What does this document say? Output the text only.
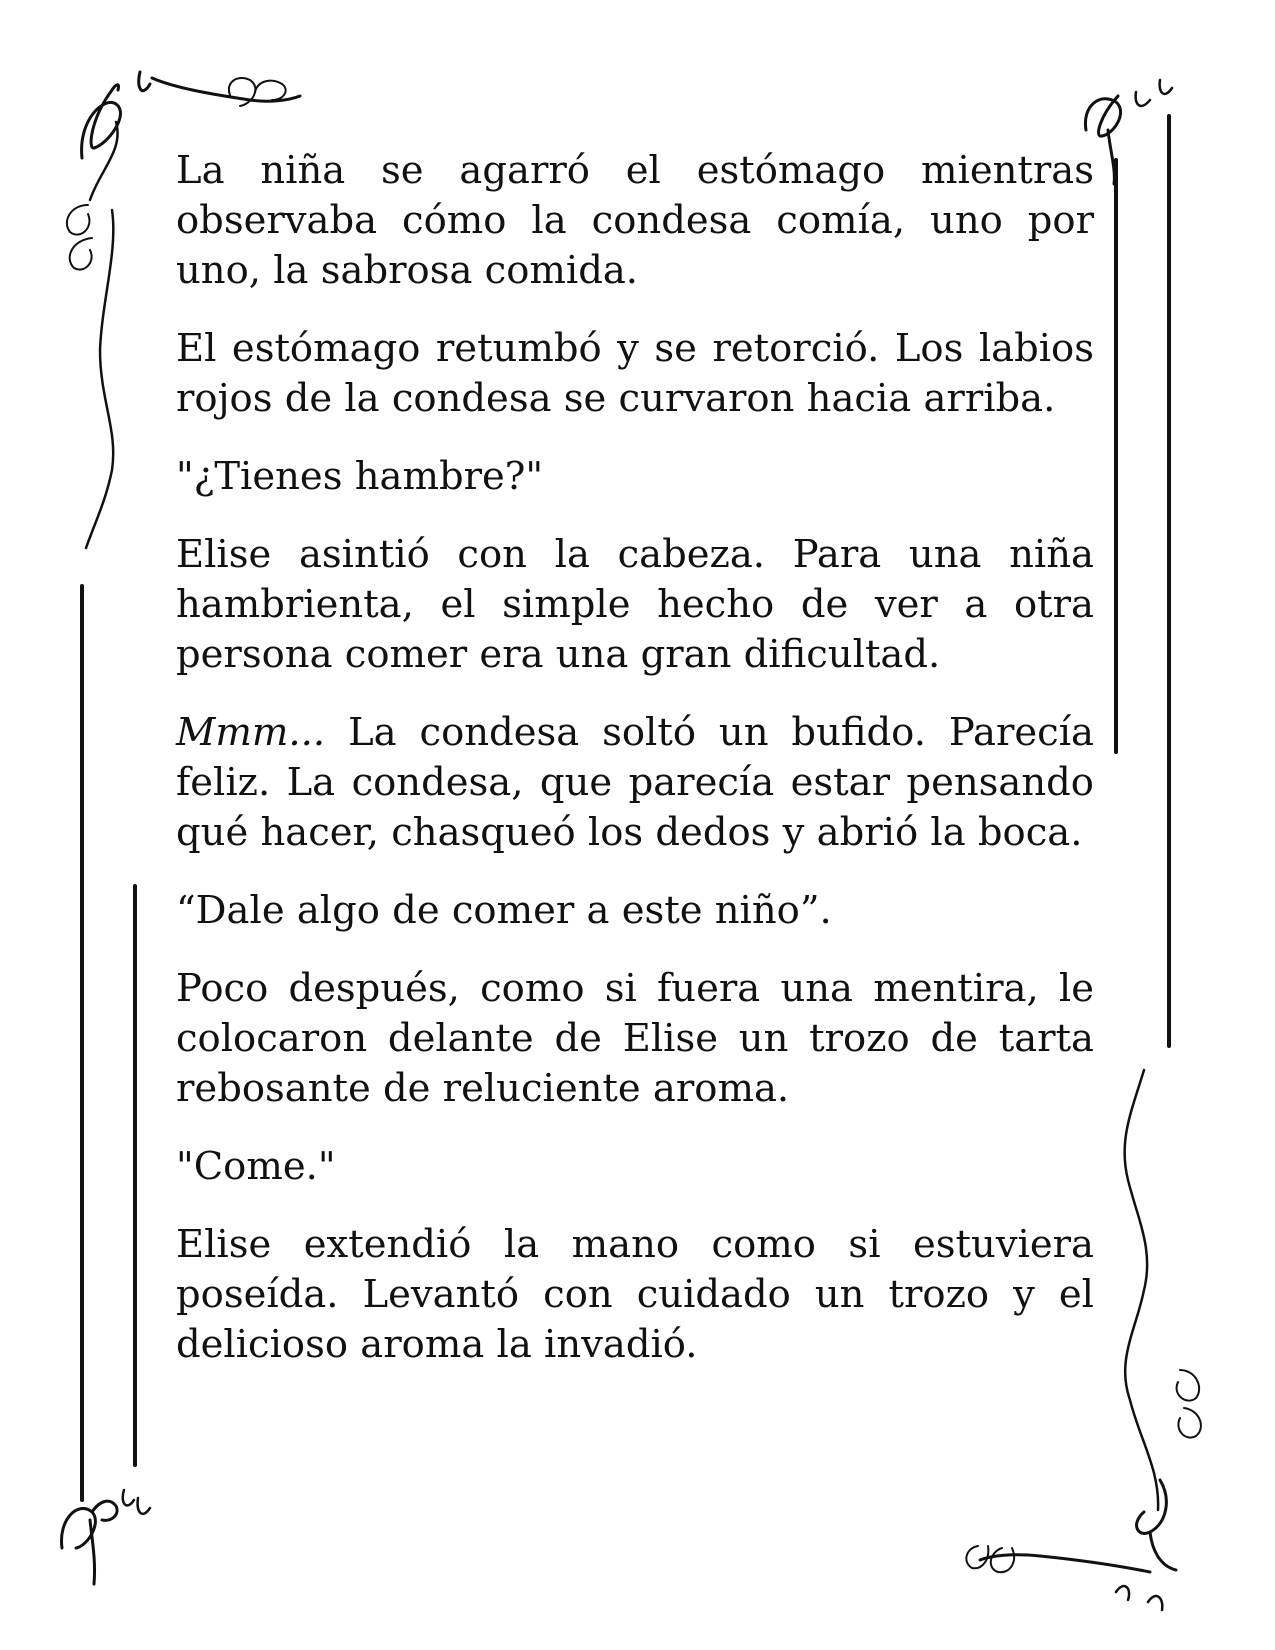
La niña se agarró el estómago mientras observaba cómo la condesa comía, uno por uno, la sabrosa comida.

El estómago retumbó y se retorció. Los labios rojos de la condesa se curvaron hacia arriba.

"¿Tienes hambre?"

Elise asintió con la cabeza. Para una niña hambrienta, el simple hecho de ver a otra persona comer era una gran dificultad.

Mmm... La condesa soltó un bufido. Parecía feliz. La condesa, que parecía estar pensando qué hacer, chasqueó los dedos y abrió la boca.

“Dale algo de comer a este niño”.

Poco después, como si fuera una mentira, le colocaron delante de Elise un trozo de tarta rebosante de reluciente aroma.

"Come."

Elise extendió la mano como si estuviera poseída. Levantó con cuidado un trozo y el delicioso aroma la invadió.
